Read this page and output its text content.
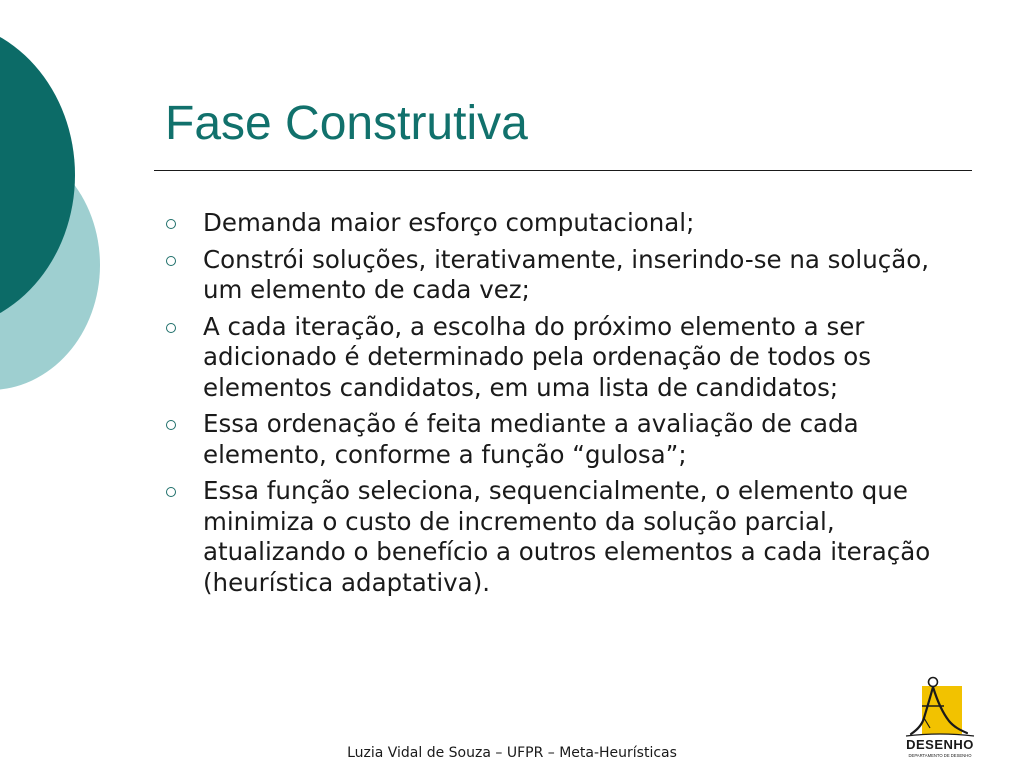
Fase Construtiva
Demanda maior esforço computacional;
Constrói soluções, iterativamente, inserindo-se na solução, um elemento de cada vez;
A cada iteração, a escolha do próximo elemento a ser adicionado é determinado pela ordenação de todos os elementos candidatos, em uma lista de candidatos;
Essa ordenação é feita mediante a avaliação de cada elemento, conforme a função “gulosa”;
Essa função seleciona, sequencialmente, o elemento que minimiza o custo de incremento da solução parcial, atualizando o benefício a outros elementos a cada iteração (heurística adaptativa).
DESENHO
DEPARTAMENTO DE DESENHO
Luzia Vidal de Souza – UFPR – Meta-Heurísticas
